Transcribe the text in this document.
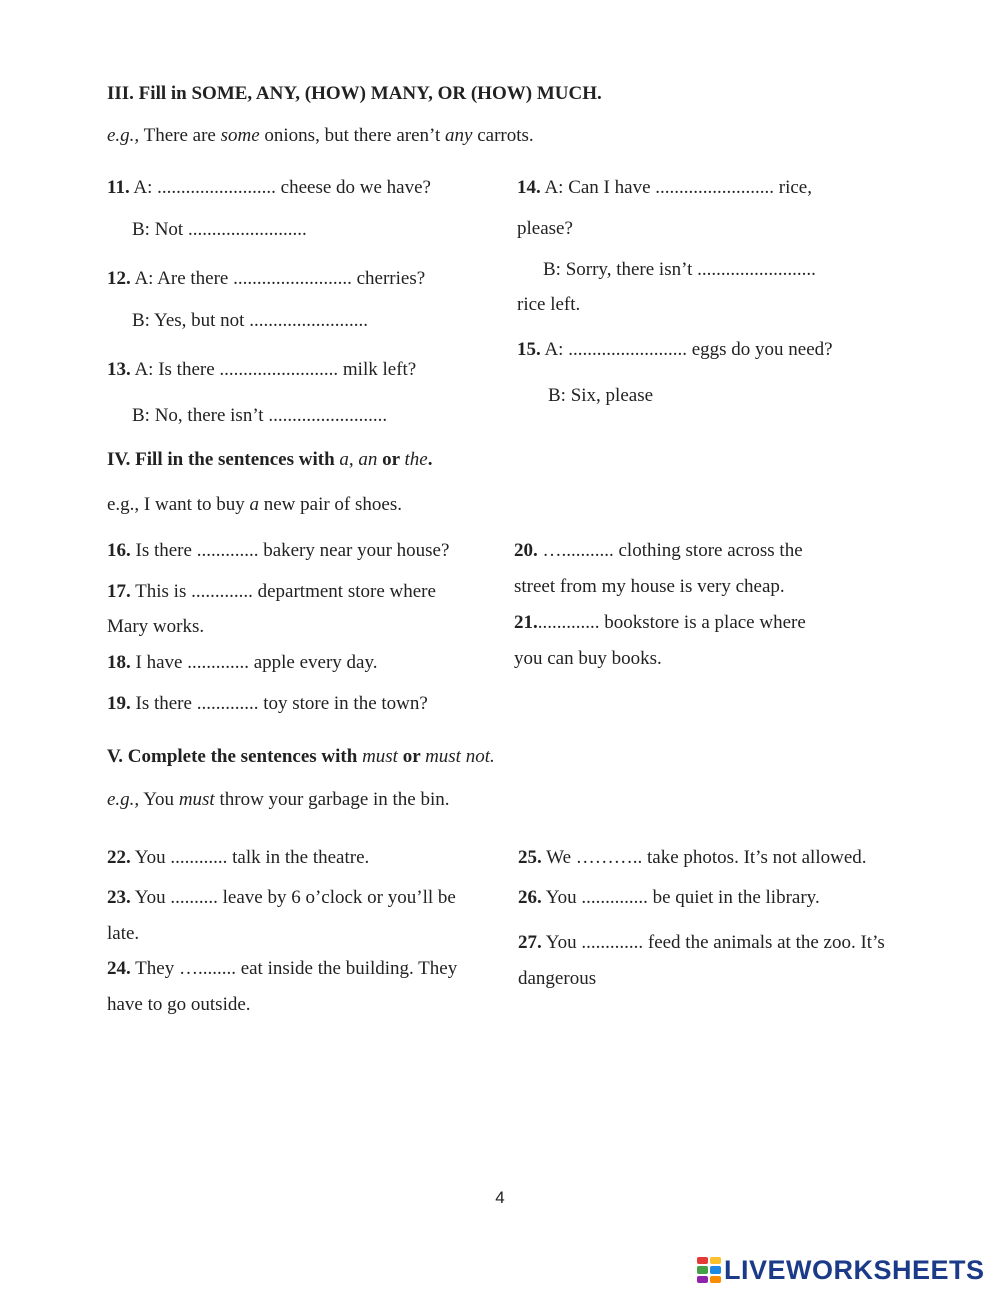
III. Fill in SOME, ANY, (HOW) MANY, OR (HOW) MUCH.
e.g., There are some onions, but there aren’t any carrots.
11. A: ......................... cheese do we have?
B: Not .........................
12. A: Are there ......................... cherries?
B: Yes, but not .........................
13. A: Is there ......................... milk left?
B: No, there isn’t .........................
14. A: Can I have ......................... rice,
please?
B: Sorry, there isn’t .........................
rice left.
15. A: ......................... eggs do you need?
B: Six, please
IV. Fill in the sentences with a, an or the.
e.g., I want to buy a new pair of shoes.
16. Is there ............. bakery near your house?
17. This is ............. department store where
Mary works.
18. I have ............. apple every day.
19. Is there ............. toy store in the town?
20. …........... clothing store across the
street from my house is very cheap.
21.............. bookstore is a place where
you can buy books.
V. Complete the sentences with must or must not.
e.g., You must throw your garbage in the bin.
22. You ............ talk in the theatre.
23. You .......... leave by 6 o’clock or you’ll be
late.
24. They …........ eat inside the building. They
have to go outside.
25. We ……….. take photos. It’s not allowed.
26. You .............. be quiet in the library.
27. You ............. feed the animals at the zoo. It’s
dangerous
4
LIVEWORKSHEETS
